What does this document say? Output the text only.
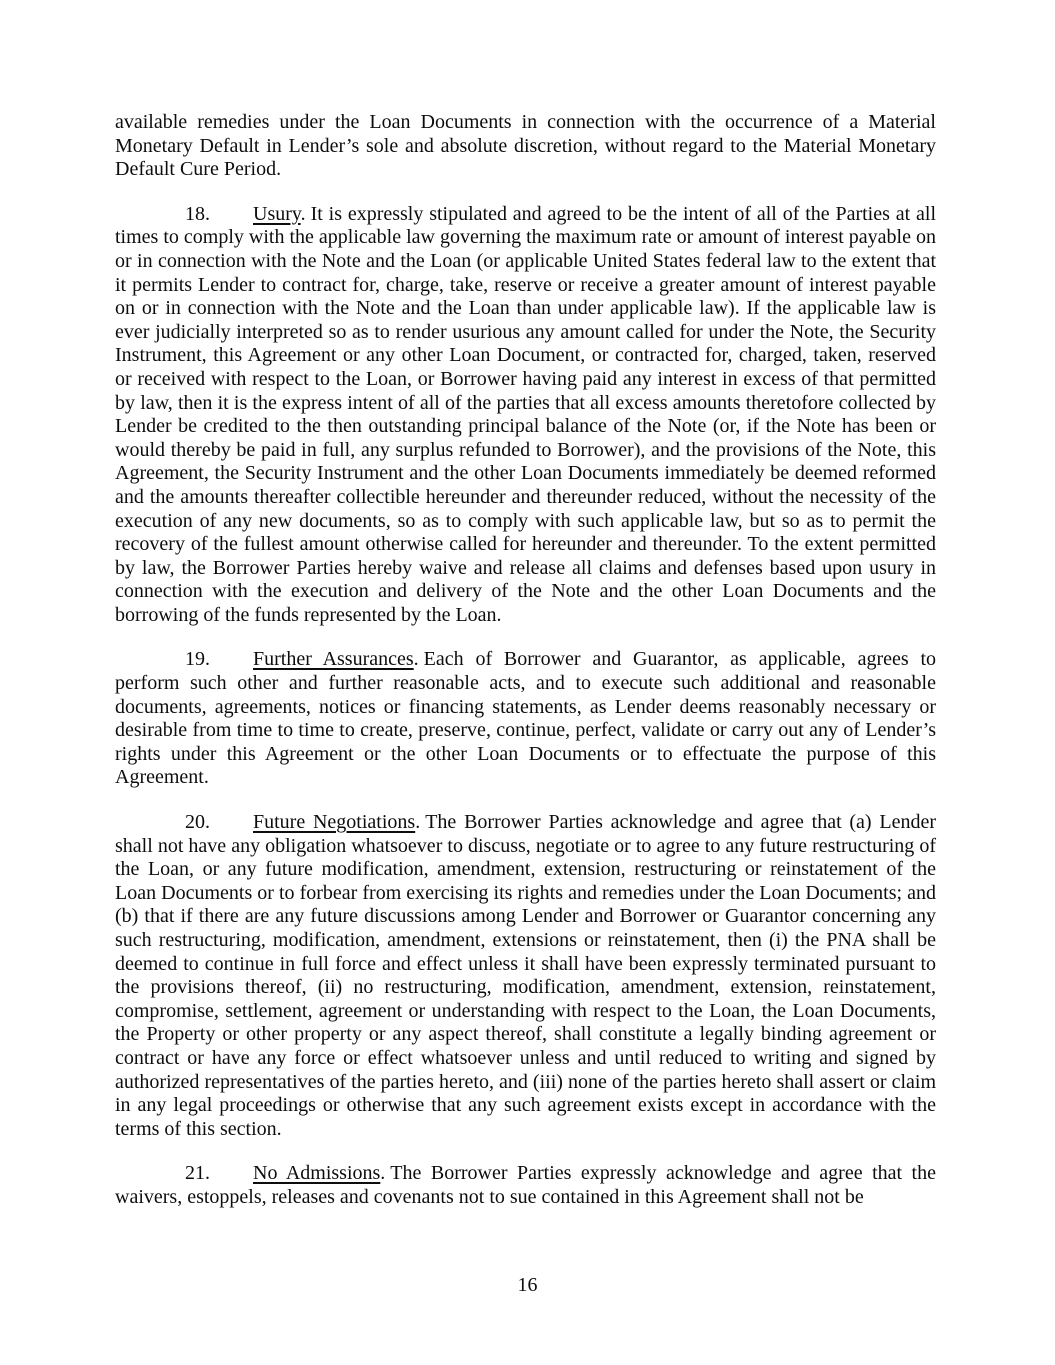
available remedies under the Loan Documents in connection with the occurrence of a Material Monetary Default in Lender’s sole and absolute discretion, without regard to the Material Monetary Default Cure Period.

18. Usury. It is expressly stipulated and agreed to be the intent of all of the Parties at all times to comply with the applicable law governing the maximum rate or amount of interest payable on or in connection with the Note and the Loan (or applicable United States federal law to the extent that it permits Lender to contract for, charge, take, reserve or receive a greater amount of interest payable on or in connection with the Note and the Loan than under applicable law). If the applicable law is ever judicially interpreted so as to render usurious any amount called for under the Note, the Security Instrument, this Agreement or any other Loan Document, or contracted for, charged, taken, reserved or received with respect to the Loan, or Borrower having paid any interest in excess of that permitted by law, then it is the express intent of all of the parties that all excess amounts theretofore collected by Lender be credited to the then outstanding principal balance of the Note (or, if the Note has been or would thereby be paid in full, any surplus refunded to Borrower), and the provisions of the Note, this Agreement, the Security Instrument and the other Loan Documents immediately be deemed reformed and the amounts thereafter collectible hereunder and thereunder reduced, without the necessity of the execution of any new documents, so as to comply with such applicable law, but so as to permit the recovery of the fullest amount otherwise called for hereunder and thereunder. To the extent permitted by law, the Borrower Parties hereby waive and release all claims and defenses based upon usury in connection with the execution and delivery of the Note and the other Loan Documents and the borrowing of the funds represented by the Loan.

19. Further Assurances. Each of Borrower and Guarantor, as applicable, agrees to perform such other and further reasonable acts, and to execute such additional and reasonable documents, agreements, notices or financing statements, as Lender deems reasonably necessary or desirable from time to time to create, preserve, continue, perfect, validate or carry out any of Lender’s rights under this Agreement or the other Loan Documents or to effectuate the purpose of this Agreement.

20. Future Negotiations. The Borrower Parties acknowledge and agree that (a) Lender shall not have any obligation whatsoever to discuss, negotiate or to agree to any future restructuring of the Loan, or any future modification, amendment, extension, restructuring or reinstatement of the Loan Documents or to forbear from exercising its rights and remedies under the Loan Documents; and (b) that if there are any future discussions among Lender and Borrower or Guarantor concerning any such restructuring, modification, amendment, extensions or reinstatement, then (i) the PNA shall be deemed to continue in full force and effect unless it shall have been expressly terminated pursuant to the provisions thereof, (ii) no restructuring, modification, amendment, extension, reinstatement, compromise, settlement, agreement or understanding with respect to the Loan, the Loan Documents, the Property or other property or any aspect thereof, shall constitute a legally binding agreement or contract or have any force or effect whatsoever unless and until reduced to writing and signed by authorized representatives of the parties hereto, and (iii) none of the parties hereto shall assert or claim in any legal proceedings or otherwise that any such agreement exists except in accordance with the terms of this section.

21. No Admissions. The Borrower Parties expressly acknowledge and agree that the waivers, estoppels, releases and covenants not to sue contained in this Agreement shall not be

16
